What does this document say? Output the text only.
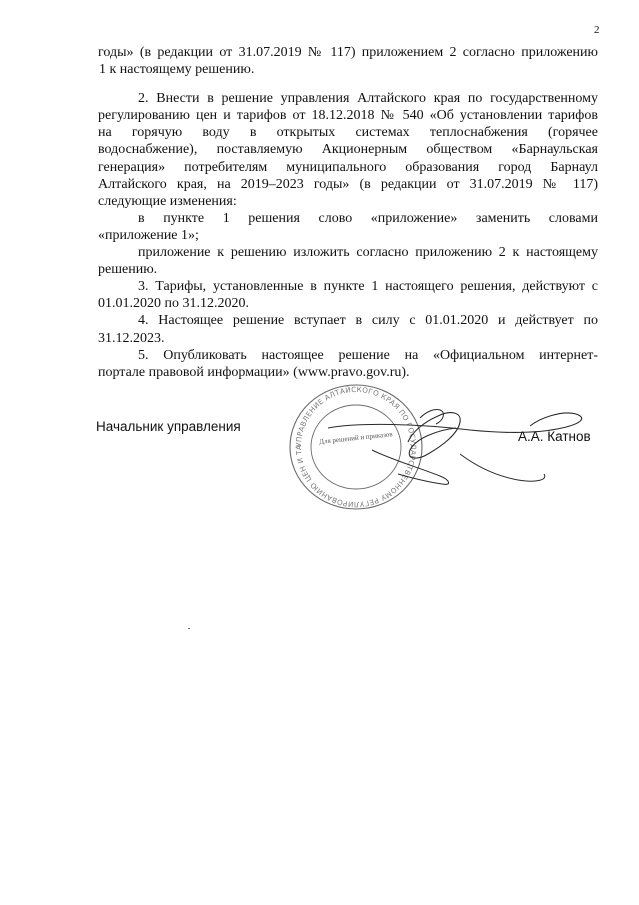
2
годы» (в редакции от 31.07.2019 № 117) приложением 2 согласно приложению
1 к настоящему решению.
2. Внести в решение управления Алтайского края по государственному
регулированию цен и тарифов от 18.12.2018 № 540 «Об установлении тарифов
на горячую воду в открытых системах теплоснабжения (горячее
водоснабжение), поставляемую Акционерным обществом «Барнаульская
генерация» потребителям муниципального образования город Барнаул
Алтайского края, на 2019–2023 годы» (в редакции от 31.07.2019 № 117)
следующие изменения:
в пункте 1 решения слово «приложение» заменить словами
«приложение 1»;
приложение к решению изложить согласно приложению 2 к настоящему
решению.
3. Тарифы, установленные в пункте 1 настоящего решения, действуют с
01.01.2020 по 31.12.2020.
4. Настоящее решение вступает в силу с 01.01.2020 и действует по
31.12.2023.
5. Опубликовать настоящее решение на «Официальном интернет-
портале правовой информации» (www.pravo.gov.ru).
Начальник управления
УПРАВЛЕНИЕ АЛТАЙСКОГО КРАЯ ПО ГОСУДАРСТВЕННОМУ РЕГУЛИРОВАНИЮ ЦЕН И ТА
Для решений и приказов	А.А. Катнов
